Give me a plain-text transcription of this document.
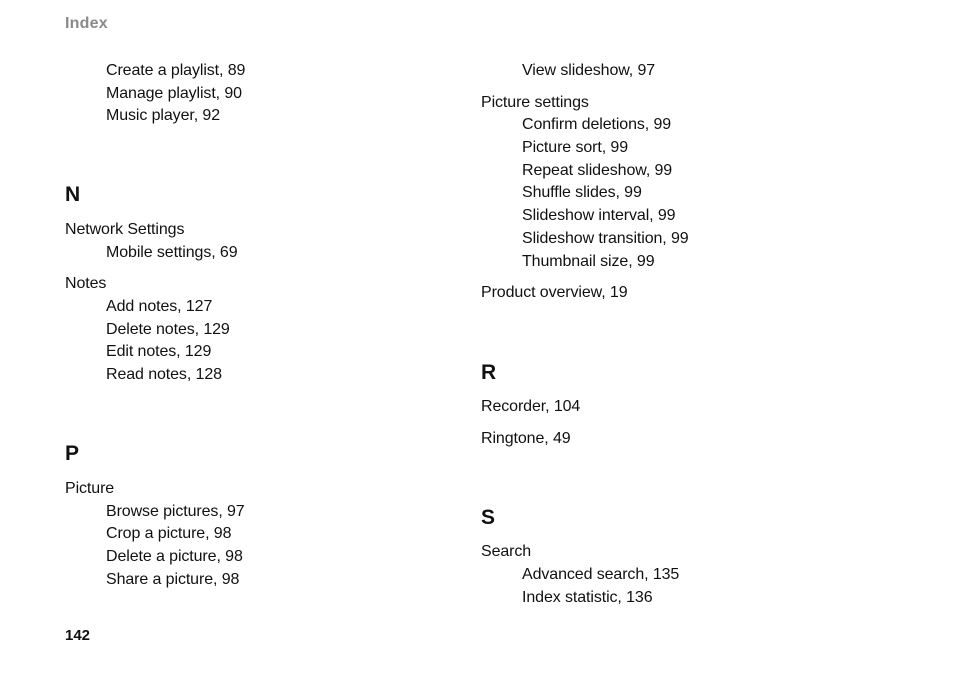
Index
Create a playlist, 89
Manage playlist, 90
Music player, 92
N
Network Settings
Mobile settings, 69
Notes
Add notes, 127
Delete notes, 129
Edit notes, 129
Read notes, 128
P
Picture
Browse pictures, 97
Crop a picture, 98
Delete a picture, 98
Share a picture, 98
View slideshow, 97
Picture settings
Confirm deletions, 99
Picture sort, 99
Repeat slideshow, 99
Shuffle slides, 99
Slideshow interval, 99
Slideshow transition, 99
Thumbnail size, 99
Product overview, 19
R
Recorder, 104
Ringtone, 49
S
Search
Advanced search, 135
Index statistic, 136
142
